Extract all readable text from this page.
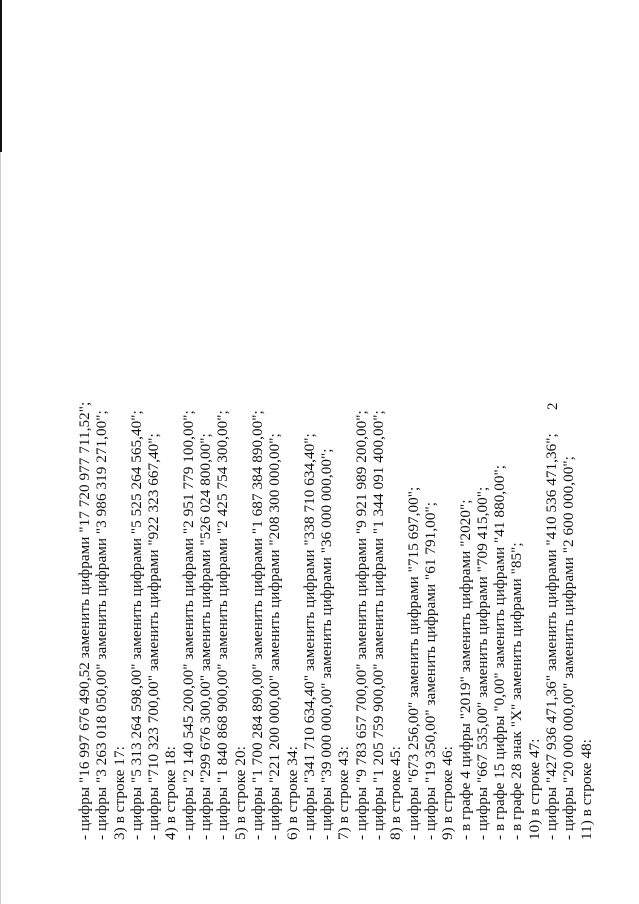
2

- цифры "16 997 676 490,52 заменить цифрами "17 720 977 711,52"; - цифры "3 263 018 050,00" заменить цифрами "3 986 319 271,00"; 3) в строке 17: - цифры "5 313 264 598,00" заменить цифрами "5 525 264 565,40"; - цифры "710 323 700,00" заменить цифрами "922 323 667,40"; 4) в строке 18: - цифры "2 140 545 200,00" заменить цифрами "2 951 779 100,00"; - цифры "299 676 300,00" заменить цифрами "526 024 800,00"; - цифры "1 840 868 900,00" заменить цифрами "2 425 754 300,00"; 5) в строке 20: - цифры "1 700 284 890,00" заменить цифрами "1 687 384 890,00"; - цифры "221 200 000,00" заменить цифрами "208 300 000,00"; 6) в строке 34: - цифры "341 710 634,40" заменить цифрами "338 710 634,40"; - цифры "39 000 000,00" заменить цифрами "36 000 000,00"; 7) в строке 43: - цифры "9 783 657 700,00" заменить цифрами "9 921 989 200,00"; - цифры "1 205 759 900,00" заменить цифрами "1 344 091 400,00"; 8) в строке 45: - цифры "673 256,00" заменить цифрами "715 697,00"; - цифры "19 350,00" заменить цифрами "61 791,00"; 9) в строке 46: - в графе 4 цифры "2019" заменить цифрами "2020"; - цифры "667 535,00" заменить цифрами "709 415,00"; - в графе 15 цифры "0,00" заменить цифрами "41 880,00"; - в графе 28 знак "X" заменить цифрами "85"; 10) в строке 47: - цифры "427 936 471,36" заменить цифрами "410 536 471,36"; - цифры "20 000 000,00" заменить цифрами "2 600 000,00"; 11) в строке 48:
